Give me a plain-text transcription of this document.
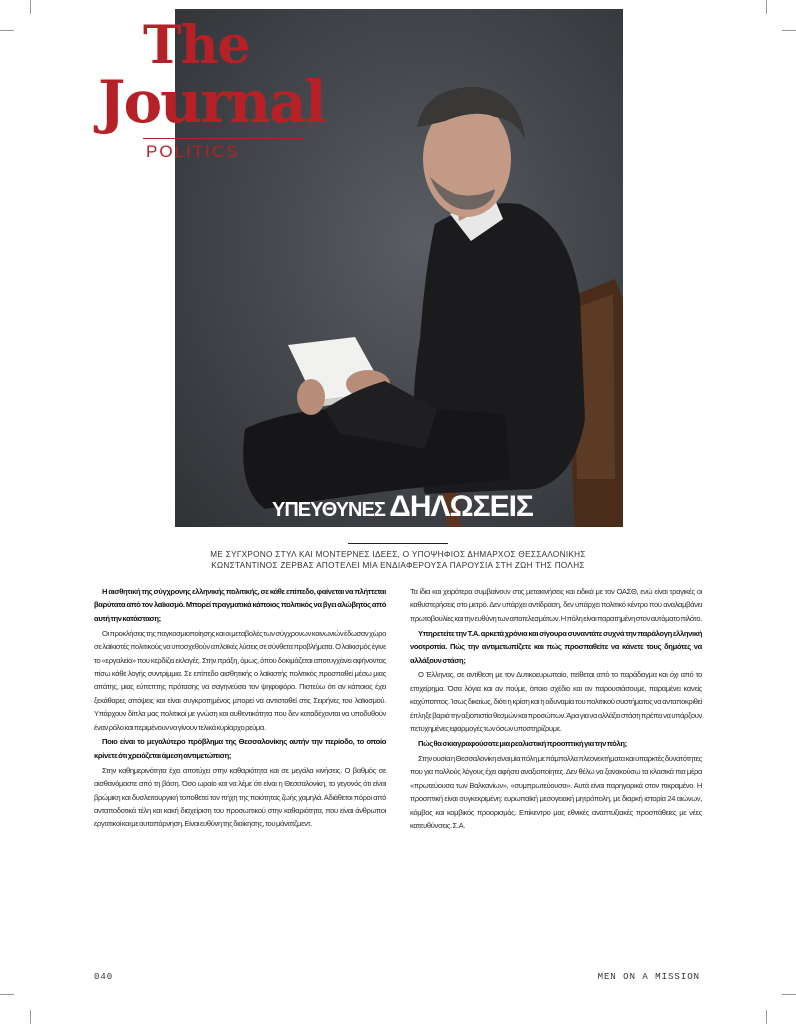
The
Journal
POLITICS
ΥΠΕΥΘΥΝΕΣ ΔΗΛΩΣΕΙΣ
ΜΕ ΣΥΓΧΡΟΝΟ ΣΤΥΛ ΚΑΙ ΜΟΝΤΕΡΝΕΣ ΙΔΕΕΣ, Ο ΥΠΟΨΗΦΙΟΣ ΔΗΜΑΡΧΟΣ ΘΕΣΣΑΛΟΝΙΚΗΣ
ΚΩΝΣΤΑΝΤΙΝΟΣ ΖΕΡΒΑΣ ΑΠΟΤΕΛΕΙ ΜΙΑ ΕΝΔΙΑΦΕΡΟΥΣΑ ΠΑΡΟΥΣΙΑ ΣΤΗ ΖΩΗ ΤΗΣ ΠΟΛΗΣ

Η αισθητική της σύγχρονης ελληνικής πολιτικής, σε κάθε επίπεδο, φαίνεται να πλήττεται βαρύτατα από τον λαϊκισμό. Μπορεί πραγματικά κάποιος πολιτικός να βγει αλώβητος από αυτή την κατάσταση;

Οι προκλήσεις της παγκοσμιοποίησης και οι μεταβολές των σύγχρονων κοινωνιών έδωσαν χώρο σε λαϊκιστές πολιτικούς να υποσχεθούν απλοϊκές λύσεις σε σύνθετα προβλήματα. Ο λαϊκισμός έγινε το «εργαλείο» που κερδίζει εκλογές. Στην πράξη, όμως, όπου δοκιμάζεται αποτυγχάνει αφήνοντας πίσω κάθε λογής συντρίμμια. Σε επίπεδο αισθητικής ο λαϊκιστής πολιτικός προσπαθεί μέσω μιας απάτης, μιας εύπεπτης πρότασης να σαγηνεύσει τον ψηφοφόρο. Πιστεύω ότι αν κάποιος έχει ξεκάθαρες απόψεις και είναι συγκροτημένος μπορεί να αντισταθεί στις Σειρήνες του λαϊκισμού. Υπάρχουν δίπλα μας πολιτικοί με γνώση και αυθεντικότητα που δεν καταδέχονται να υποδυθούν έναν ρόλο και περιμένουν να γίνουν τελικά κυρίαρχο ρεύμα.

Ποιο είναι το μεγαλύτερο πρόβλημα της Θεσσαλονίκης αυτήν την περίοδο, το οποίο κρίνετε ότι χρειάζεται άμεση αντιμετώπιση;

Στην καθημερινότητα έχει αποτύχει στην καθαριότητα και σε μεγάλα κινήσεις. Ο βαθμός σε αισθανόμαστε από τη βάση. Όσο ωραίο και να λέμε ότι είναι η Θεσσαλονίκη, το γεγονός ότι είναι βρώμικη και δυσλειτουργική τοποθετεί τον πήχη της ποιότητας ζωής χαμηλά. Αδιάθετοι πόροι από ανταποδοτικά τέλη και κακή διαχείριση του προσωπικού στην καθαριότητα, που είναι άνθρωποι εργατικοί και με αυταπάρνηση. Είναι ευθύνη της διοίκησης, του μάνατζμεντ.

Τα ίδια και χειρότερα συμβαίνουν στις μετακινήσεις και ειδικά με τον ΟΑΣΘ, ενώ είναι τραγικές οι καθυστερήσεις στο μετρό. Δεν υπάρχει αντίδραση, δεν υπάρχει πολιτικό κέντρο που αναλαμβάνει πρωτοβουλίες και την ευθύνη των αποτελεσμάτων. Η πόλη είναι παρατημένη στον αυτόματο πιλότο.

Υπηρετείτε την Τ.Α. αρκετά χρόνια και σίγουρα συναντάτε συχνά την παράλογη ελληνική νοοτροπία. Πώς την αντιμετωπίζετε και πώς προσπαθείτε να κάνετε τους δημότες να αλλάξουν στάση;

Ο Έλληνας, σε αντίθεση με τον Δυτικοευρωπαίο, πείθεται από το παράδειγμα και όχι από το επιχείρημα. Όσα λόγια και αν πούμε, όποιο σχέδιο και αν παρουσιάσουμε, παραμένει κανείς καχύποπτος. Ίσως δικαίως, διότι η κρίση και η αδυναμία του πολιτικού συστήματος να ανταποκριθεί έπληξε βαριά την αξιοπιστία θεσμών και προσώπων. Άρα για να αλλάξει στάση πρέπει να υπάρξουν πετυχημένες εφαρμογές των όσων υποστηρίζουμε.

Πώς θα σκιαγραφούσατε μια ρεαλιστική προοπτική για την πόλη;

Στην ουσία η Θεσσαλονίκη είναι μία πόλη με πάμπολλα πλεονεκτήματα και υπαρκτές δυνατότητες που για πολλούς λόγους έχει αφήσει αναξιοποίητες. Δεν θέλω να ξανακούσω τα κλασικά πια μέρα «πρωτεύουσα των Βαλκανίων», «συμπρωτεύουσα». Αυτά είναι παρηγορικά στον πικραμένο. Η προοπτική είναι συγκεκριμένη: ευρωπαϊκή μεσογειακή μητρόπολη, με διαρκή ιστορία 24 αιώνων, κόμβος και κομβικός προορισμός. Επίκεντρο μας εθνικές αναπτυξιακές προσπάθειες με νέες κατευθύνσεις. Σ.Α.

040	MEN ON A MISSION
